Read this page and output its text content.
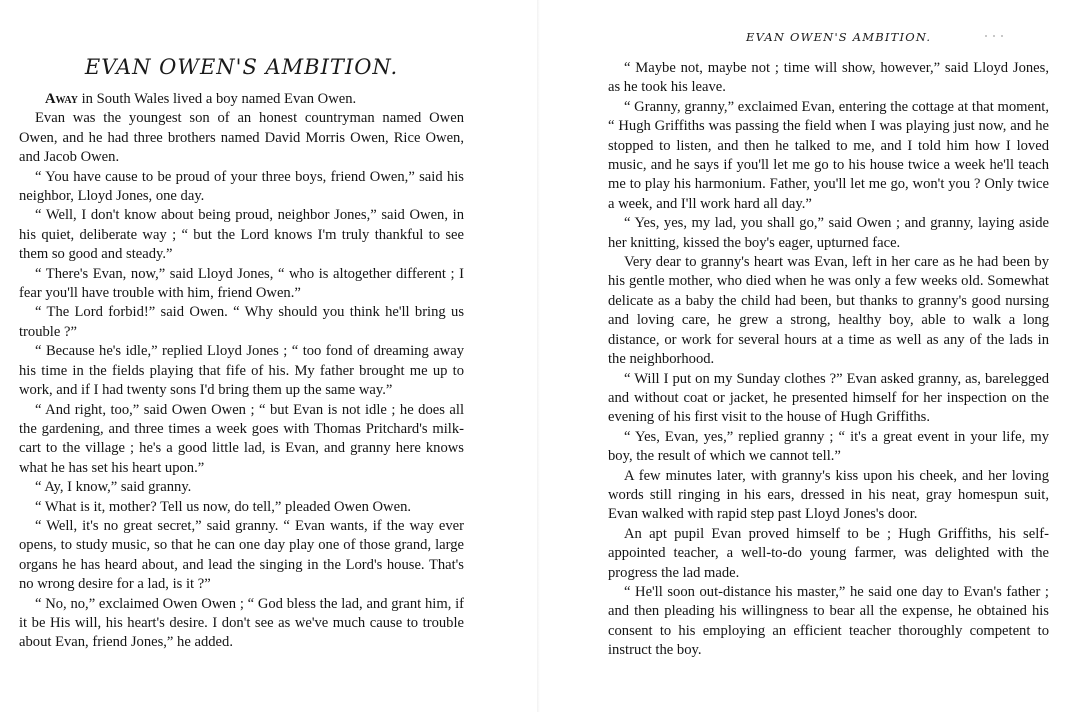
EVAN OWEN'S AMBITION.
EVAN OWEN'S AMBITION.

Away in South Wales lived a boy named Evan Owen.

Evan was the youngest son of an honest countryman named Owen Owen, and he had three brothers named David Morris Owen, Rice Owen, and Jacob Owen.

“ You have cause to be proud of your three boys, friend Owen,” said his neighbor, Lloyd Jones, one day.

“ Well, I don't know about being proud, neighbor Jones,” said Owen, in his quiet, deliberate way ; “ but the Lord knows I'm truly thankful to see them so good and steady.”

“ There's Evan, now,” said Lloyd Jones, “ who is altogether different ; I fear you'll have trouble with him, friend Owen.”

“ The Lord forbid!” said Owen. “ Why should you think he'll bring us trouble ?”

“ Because he's idle,” replied Lloyd Jones ; “ too fond of dreaming away his time in the fields playing that fife of his. My father brought me up to work, and if I had twenty sons I'd bring them up the same way.”

“ And right, too,” said Owen Owen ; “ but Evan is not idle ; he does all the gardening, and three times a week goes with Thomas Pritchard's milk-cart to the village ; he's a good little lad, is Evan, and granny here knows what he has set his heart upon.”

“ Ay, I know,” said granny.

“ What is it, mother? Tell us now, do tell,” pleaded Owen Owen.

“ Well, it's no great secret,” said granny. “ Evan wants, if the way ever opens, to study music, so that he can one day play one of those grand, large organs he has heard about, and lead the singing in the Lord's house. That's no wrong desire for a lad, is it ?”

“ No, no,” exclaimed Owen Owen ; “ God bless the lad, and grant him, if it be His will, his heart's desire. I don't see as we've much cause to trouble about Evan, friend Jones,” he added.

“ Maybe not, maybe not ; time will show, however,” said Lloyd Jones, as he took his leave.

“ Granny, granny,” exclaimed Evan, entering the cottage at that moment, “ Hugh Griffiths was passing the field when I was playing just now, and he stopped to listen, and then he talked to me, and I told him how I loved music, and he says if you'll let me go to his house twice a week he'll teach me to play his harmonium. Father, you'll let me go, won't you ? Only twice a week, and I'll work hard all day.”

“ Yes, yes, my lad, you shall go,” said Owen ; and granny, laying aside her knitting, kissed the boy's eager, upturned face.

Very dear to granny's heart was Evan, left in her care as he had been by his gentle mother, who died when he was only a few weeks old. Somewhat delicate as a baby the child had been, but thanks to granny's good nursing and loving care, he grew a strong, healthy boy, able to walk a long distance, or work for several hours at a time as well as any of the lads in the neighborhood.

“ Will I put on my Sunday clothes ?” Evan asked granny, as, barelegged and without coat or jacket, he presented himself for her inspection on the evening of his first visit to the house of Hugh Griffiths.

“ Yes, Evan, yes,” replied granny ; “ it's a great event in your life, my boy, the result of which we cannot tell.”

A few minutes later, with granny's kiss upon his cheek, and her loving words still ringing in his ears, dressed in his neat, gray homespun suit, Evan walked with rapid step past Lloyd Jones's door.

An apt pupil Evan proved himself to be ; Hugh Griffiths, his self-appointed teacher, a well-to-do young farmer, was delighted with the progress the lad made.

“ He'll soon out-distance his master,” he said one day to Evan's father ; and then pleading his willingness to bear all the expense, he obtained his consent to his employing an efficient teacher thoroughly competent to instruct the boy.
